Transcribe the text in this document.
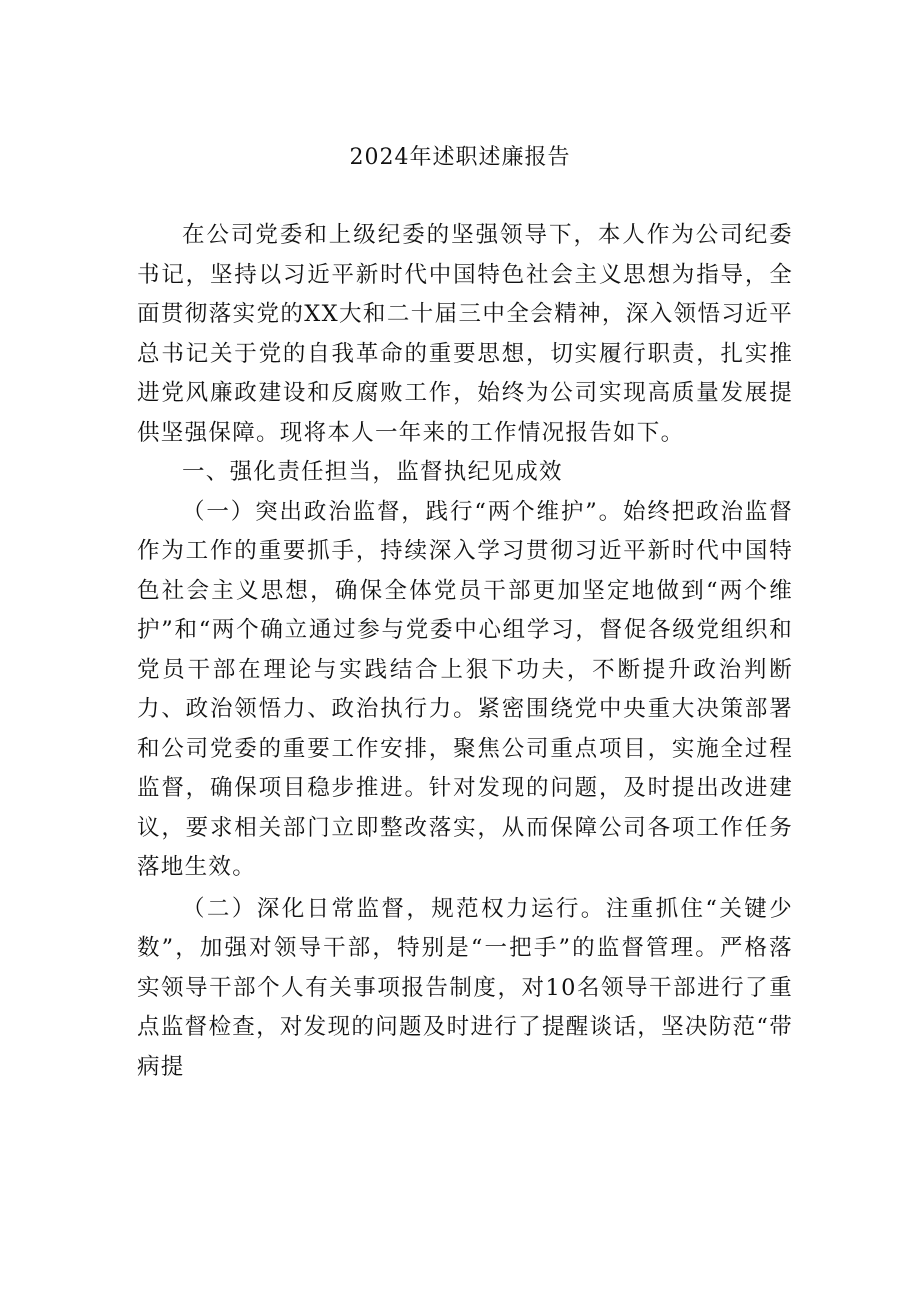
2024年述职述廉报告

在公司党委和上级纪委的坚强领导下，本人作为公司纪委书记，坚持以习近平新时代中国特色社会主义思想为指导，全面贯彻落实党的XX大和二十届三中全会精神，深入领悟习近平总书记关于党的自我革命的重要思想，切实履行职责，扎实推进党风廉政建设和反腐败工作，始终为公司实现高质量发展提供坚强保障。现将本人一年来的工作情况报告如下。

一、强化责任担当，监督执纪见成效

（一）突出政治监督，践行“两个维护”。始终把政治监督作为工作的重要抓手，持续深入学习贯彻习近平新时代中国特色社会主义思想，确保全体党员干部更加坚定地做到“两个维护”和“两个确立通过参与党委中心组学习，督促各级党组织和党员干部在理论与实践结合上狠下功夫，不断提升政治判断力、政治领悟力、政治执行力。紧密围绕党中央重大决策部署和公司党委的重要工作安排，聚焦公司重点项目，实施全过程监督，确保项目稳步推进。针对发现的问题，及时提出改进建议，要求相关部门立即整改落实，从而保障公司各项工作任务落地生效。

（二）深化日常监督，规范权力运行。注重抓住“关键少数”，加强对领导干部，特别是“一把手”的监督管理。严格落实领导干部个人有关事项报告制度，对10名领导干部进行了重点监督检查，对发现的问题及时进行了提醒谈话，坚决防范“带病提
